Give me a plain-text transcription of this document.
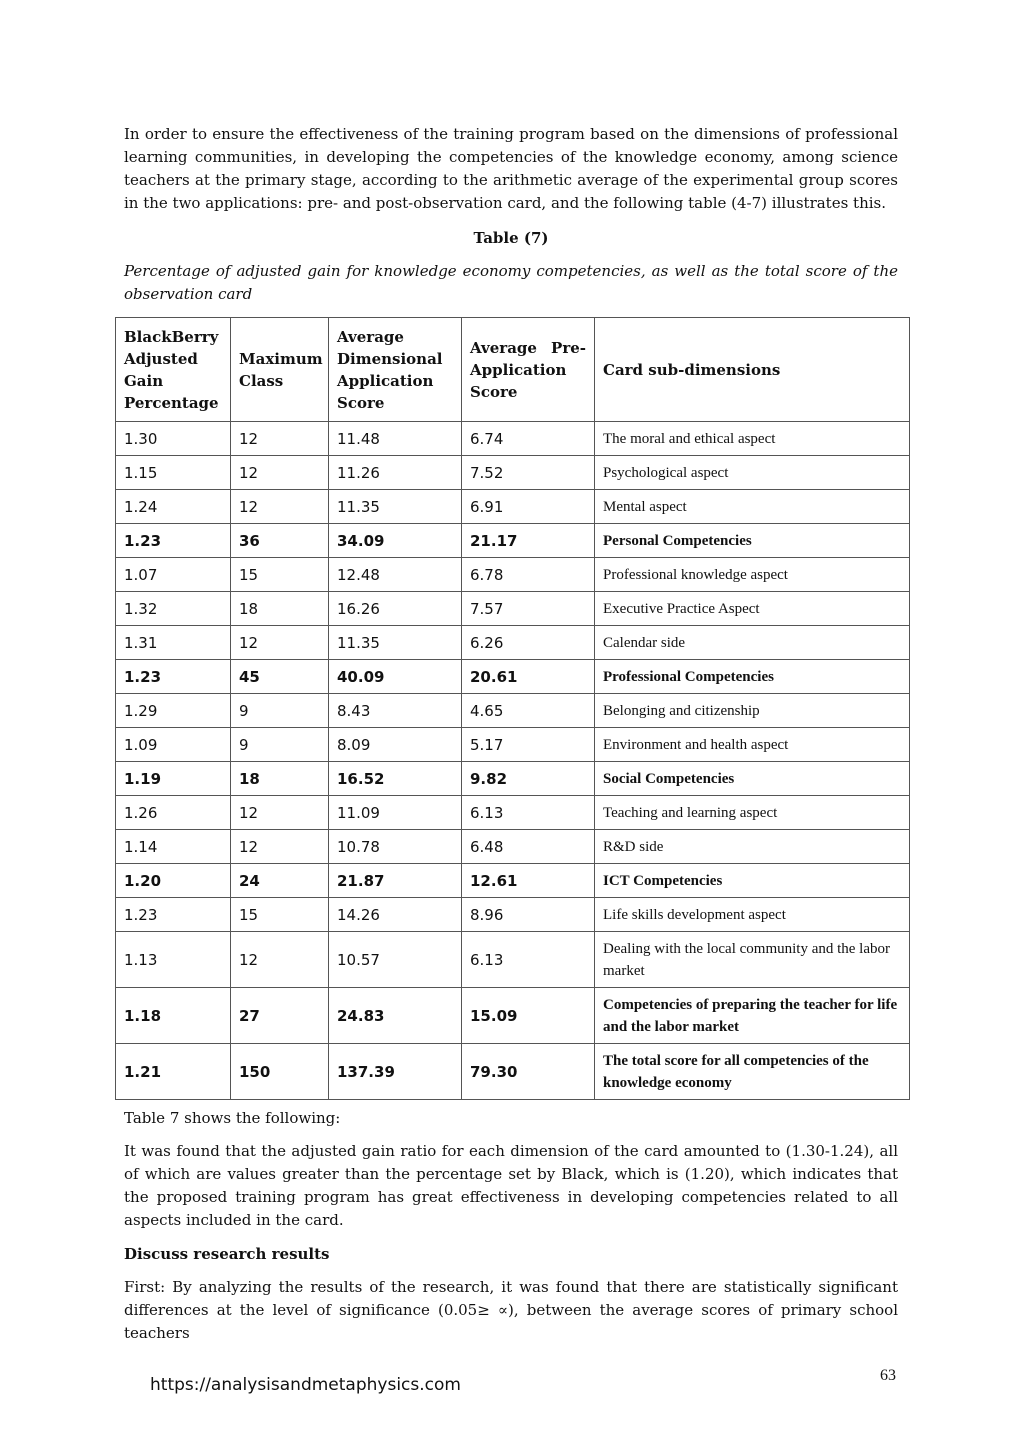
In order to ensure the effectiveness of the training program based on the dimensions of professional learning communities, in developing the competencies of the knowledge economy, among science teachers at the primary stage, according to the arithmetic average of the experimental group scores in the two applications: pre- and post-observation card, and the following table (4-7) illustrates this.

Table (7)

Percentage of adjusted gain for knowledge economy competencies, as well as the total score of the observation card

BlackBerry Adjusted Gain Percentage	Maximum Class	Average Dimensional Application Score	Average Pre-Application Score	Card sub-dimensions
1.30	12	11.48	6.74	The moral and ethical aspect
1.15	12	11.26	7.52	Psychological aspect
1.24	12	11.35	6.91	Mental aspect
1.23	36	34.09	21.17	Personal Competencies
1.07	15	12.48	6.78	Professional knowledge aspect
1.32	18	16.26	7.57	Executive Practice Aspect
1.31	12	11.35	6.26	Calendar side
1.23	45	40.09	20.61	Professional Competencies
1.29	9	8.43	4.65	Belonging and citizenship
1.09	9	8.09	5.17	Environment and health aspect
1.19	18	16.52	9.82	Social Competencies
1.26	12	11.09	6.13	Teaching and learning aspect
1.14	12	10.78	6.48	R&D side
1.20	24	21.87	12.61	ICT Competencies
1.23	15	14.26	8.96	Life skills development aspect
1.13	12	10.57	6.13	Dealing with the local community and the labor market
1.18	27	24.83	15.09	Competencies of preparing the teacher for life and the labor market
1.21	150	137.39	79.30	The total score for all competencies of the knowledge economy

Table 7 shows the following:

It was found that the adjusted gain ratio for each dimension of the card amounted to (1.30-1.24), all of which are values greater than the percentage set by Black, which is (1.20), which indicates that the proposed training program has great effectiveness in developing competencies related to all aspects included in the card.

Discuss research results

First: By analyzing the results of the research, it was found that there are statistically significant differences at the level of significance (0.05≥ ∝), between the average scores of primary school teachers

https://analysisandmetaphysics.com	63
